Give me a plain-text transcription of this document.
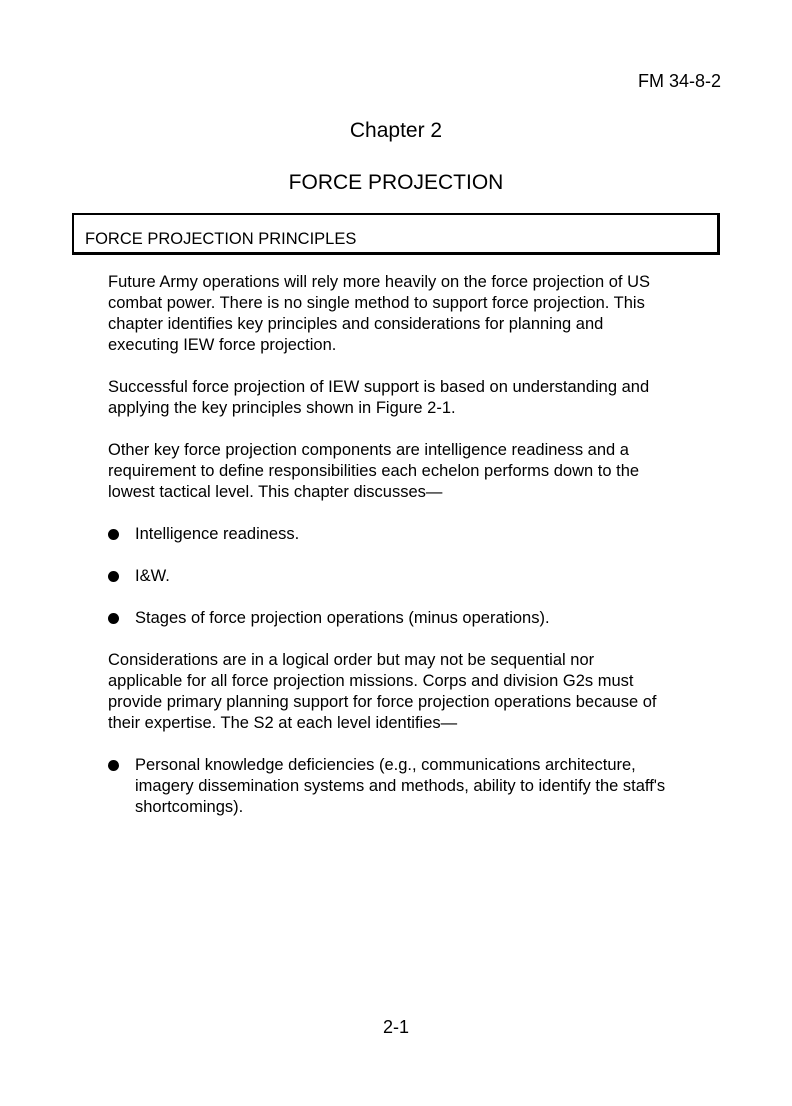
FM 34-8-2
Chapter 2
FORCE PROJECTION
FORCE PROJECTION PRINCIPLES

Future Army operations will rely more heavily on the force projection of US
combat power. There is no single method to support force projection. This
chapter identifies key principles and considerations for planning and
executing IEW force projection.

Successful force projection of IEW support is based on understanding and
applying the key principles shown in Figure 2-1.

Other key force projection components are intelligence readiness and a
requirement to define responsibilities each echelon performs down to the
lowest tactical level. This chapter discusses—

Intelligence readiness.
I&W.
Stages of force projection operations (minus operations).

Considerations are in a logical order but may not be sequential nor
applicable for all force projection missions. Corps and division G2s must
provide primary planning support for force projection operations because of
their expertise. The S2 at each level identifies—

Personal knowledge deficiencies (e.g., communications architecture,
imagery dissemination systems and methods, ability to identify the staff's
shortcomings).
2-1
